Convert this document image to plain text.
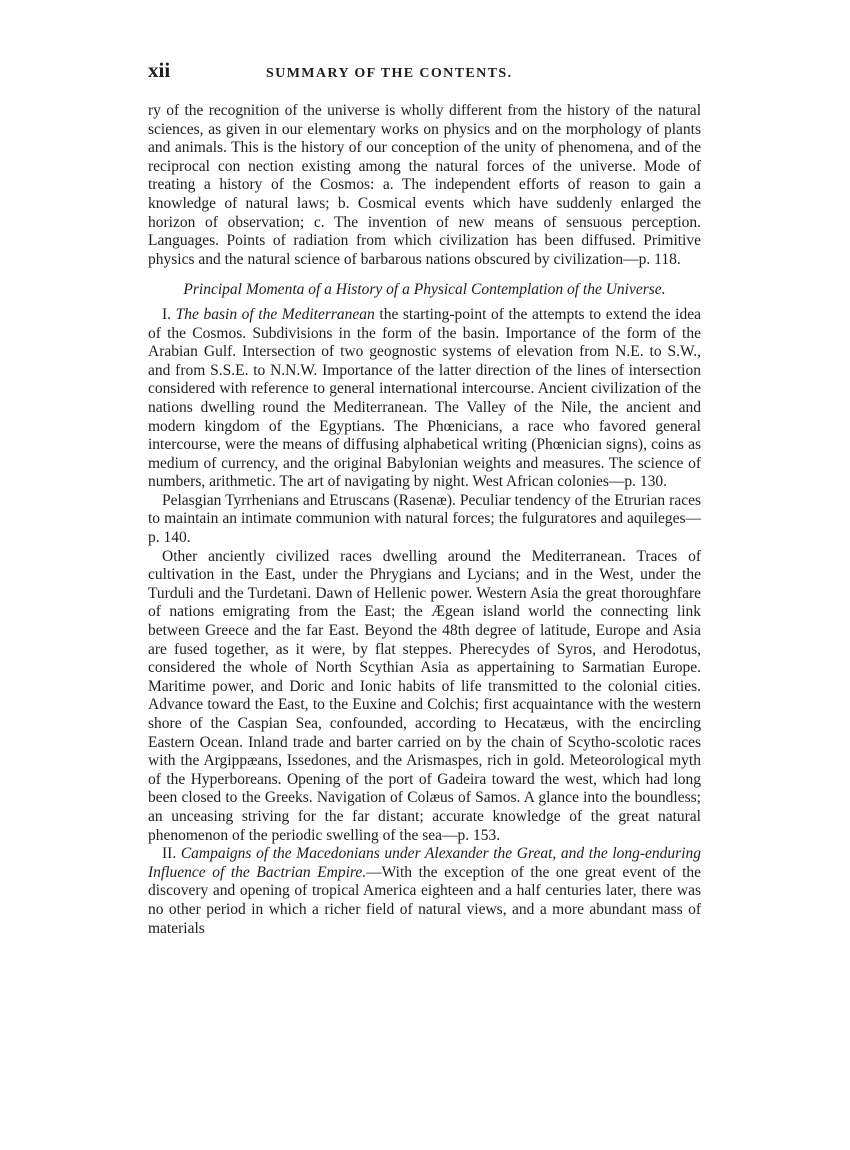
xii	SUMMARY OF THE CONTENTS.

ry of the recognition of the universe is wholly different from the history of the natural sciences, as given in our elementary works on physics and on the morphology of plants and animals. This is the history of our conception of the unity of phenomena, and of the reciprocal con nection existing among the natural forces of the universe. Mode of treating a history of the Cosmos: a. The independent efforts of reason to gain a knowledge of natural laws; b. Cosmical events which have suddenly enlarged the horizon of observation; c. The invention of new means of sensuous perception. Languages. Points of radiation from which civilization has been diffused. Primitive physics and the natural science of barbarous nations obscured by civilization—p. 118.

Principal Momenta of a History of a Physical Contemplation of the Universe.

I. The basin of the Mediterranean the starting-point of the attempts to extend the idea of the Cosmos. Subdivisions in the form of the basin. Importance of the form of the Arabian Gulf. Intersection of two geognostic systems of elevation from N.E. to S.W., and from S.S.E. to N.N.W. Importance of the latter direction of the lines of intersection considered with reference to general international intercourse. Ancient civilization of the nations dwelling round the Mediterranean. The Valley of the Nile, the ancient and modern kingdom of the Egyptians. The Phœnicians, a race who favored general intercourse, were the means of diffusing alphabetical writing (Phœnician signs), coins as medium of currency, and the original Babylonian weights and measures. The science of numbers, arithmetic. The art of navigating by night. West African colonies—p. 130.

Pelasgian Tyrrhenians and Etruscans (Rasenæ). Peculiar tendency of the Etrurian races to maintain an intimate communion with natural forces; the fulguratores and aquileges—p. 140.

Other anciently civilized races dwelling around the Mediterranean. Traces of cultivation in the East, under the Phrygians and Lycians; and in the West, under the Turduli and the Turdetani. Dawn of Hellenic power. Western Asia the great thoroughfare of nations emigrating from the East; the Ægean island world the connecting link between Greece and the far East. Beyond the 48th degree of latitude, Europe and Asia are fused together, as it were, by flat steppes. Pherecydes of Syros, and Herodotus, considered the whole of North Scythian Asia as appertaining to Sarmatian Europe. Maritime power, and Doric and Ionic habits of life transmitted to the colonial cities. Advance toward the East, to the Euxine and Colchis; first acquaintance with the western shore of the Caspian Sea, confounded, according to Hecatæus, with the encircling Eastern Ocean. Inland trade and barter carried on by the chain of Scytho-scolotic races with the Argippæans, Issedones, and the Arismaspes, rich in gold. Meteorological myth of the Hyperboreans. Opening of the port of Gadeira toward the west, which had long been closed to the Greeks. Navigation of Colæus of Samos. A glance into the boundless; an unceasing striving for the far distant; accurate knowledge of the great natural phenomenon of the periodic swelling of the sea—p. 153.

II. Campaigns of the Macedonians under Alexander the Great, and the long-enduring Influence of the Bactrian Empire.—With the exception of the one great event of the discovery and opening of tropical America eighteen and a half centuries later, there was no other period in which a richer field of natural views, and a more abundant mass of materials
